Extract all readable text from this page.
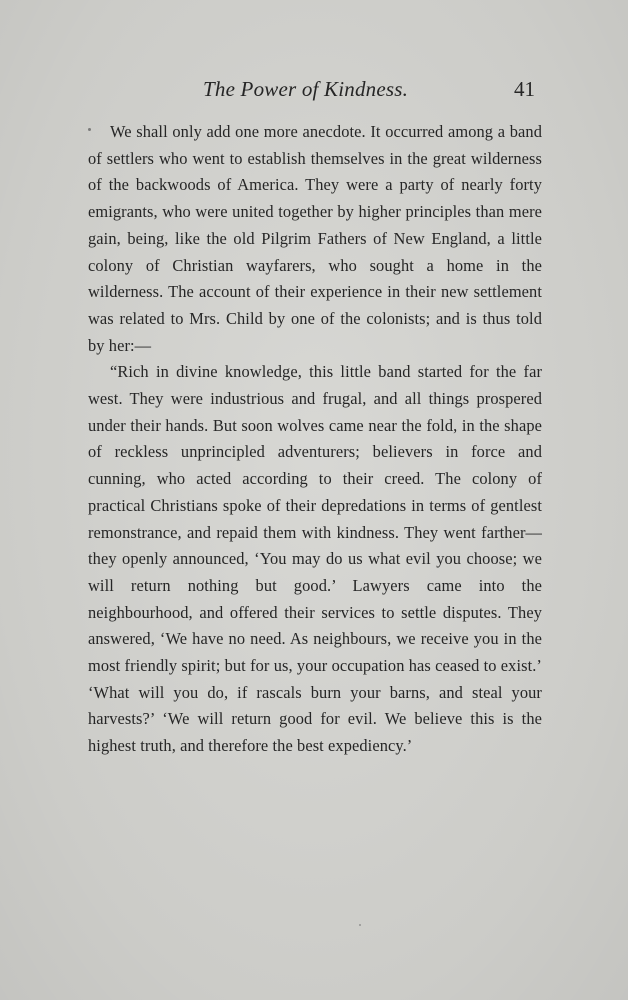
The Power of Kindness.	41

We shall only add one more anecdote. It occurred among a band of settlers who went to establish themselves in the great wilderness of the backwoods of America. They were a party of nearly forty emigrants, who were united together by higher principles than mere gain, being, like the old Pilgrim Fathers of New England, a little colony of Christian wayfarers, who sought a home in the wilderness. The account of their experience in their new settlement was related to Mrs. Child by one of the colonists; and is thus told by her:—

“Rich in divine knowledge, this little band started for the far west. They were industrious and frugal, and all things prospered under their hands. But soon wolves came near the fold, in the shape of reckless unprincipled adventurers; believers in force and cunning, who acted according to their creed. The colony of practical Christians spoke of their depredations in terms of gentlest remonstrance, and repaid them with kindness. They went farther—they openly announced, ‘You may do us what evil you choose; we will return nothing but good.’ Lawyers came into the neighbourhood, and offered their services to settle disputes. They answered, ‘We have no need. As neighbours, we receive you in the most friendly spirit; but for us, your occupation has ceased to exist.’ ‘What will you do, if rascals burn your barns, and steal your harvests?’ ‘We will return good for evil. We believe this is the highest truth, and therefore the best expediency.’
